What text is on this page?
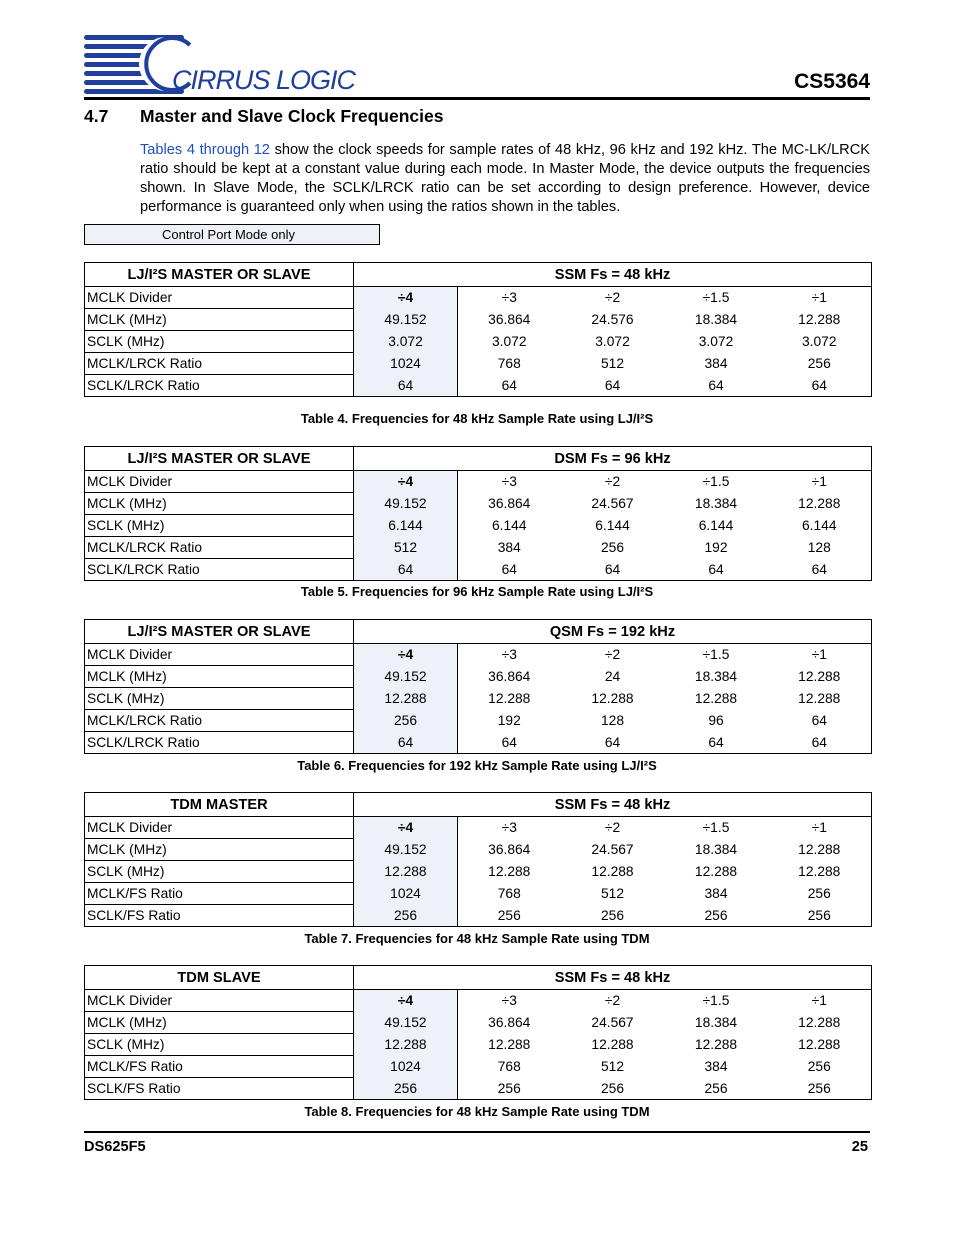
CIRRUS LOGIC	CS5364
4.7 Master and Slave Clock Frequencies
Tables 4 through 12 show the clock speeds for sample rates of 48 kHz, 96 kHz and 192 kHz. The MC-LK/LRCK ratio should be kept at a constant value during each mode. In Master Mode, the device outputs the frequencies shown. In Slave Mode, the SCLK/LRCK ratio can be set according to design preference. However, device performance is guaranteed only when using the ratios shown in the tables.
Control Port Mode only
LJ/I²S MASTER OR SLAVE	SSM Fs = 48 kHz				
MCLK Divider	÷4	÷3	÷2	÷1.5	÷1
MCLK (MHz)	49.152	36.864	24.576	18.384	12.288
SCLK (MHz)	3.072	3.072	3.072	3.072	3.072
MCLK/LRCK Ratio	1024	768	512	384	256
SCLK/LRCK Ratio	64	64	64	64	64
Table 4. Frequencies for 48 kHz Sample Rate using LJ/I²S
LJ/I²S MASTER OR SLAVE	DSM Fs = 96 kHz				
MCLK Divider	÷4	÷3	÷2	÷1.5	÷1
MCLK (MHz)	49.152	36.864	24.567	18.384	12.288
SCLK (MHz)	6.144	6.144	6.144	6.144	6.144
MCLK/LRCK Ratio	512	384	256	192	128
SCLK/LRCK Ratio	64	64	64	64	64
Table 5. Frequencies for 96 kHz Sample Rate using LJ/I²S
LJ/I²S MASTER OR SLAVE	QSM Fs = 192 kHz				
MCLK Divider	÷4	÷3	÷2	÷1.5	÷1
MCLK (MHz)	49.152	36.864	24	18.384	12.288
SCLK (MHz)	12.288	12.288	12.288	12.288	12.288
MCLK/LRCK Ratio	256	192	128	96	64
SCLK/LRCK Ratio	64	64	64	64	64
Table 6. Frequencies for 192 kHz Sample Rate using LJ/I²S
TDM MASTER	SSM Fs = 48 kHz				
MCLK Divider	÷4	÷3	÷2	÷1.5	÷1
MCLK (MHz)	49.152	36.864	24.567	18.384	12.288
SCLK (MHz)	12.288	12.288	12.288	12.288	12.288
MCLK/FS Ratio	1024	768	512	384	256
SCLK/FS Ratio	256	256	256	256	256
Table 7. Frequencies for 48 kHz Sample Rate using TDM
TDM SLAVE	SSM Fs = 48 kHz				
MCLK Divider	÷4	÷3	÷2	÷1.5	÷1
MCLK (MHz)	49.152	36.864	24.567	18.384	12.288
SCLK (MHz)	12.288	12.288	12.288	12.288	12.288
MCLK/FS Ratio	1024	768	512	384	256
SCLK/FS Ratio	256	256	256	256	256
Table 8. Frequencies for 48 kHz Sample Rate using TDM
DS625F5	25
